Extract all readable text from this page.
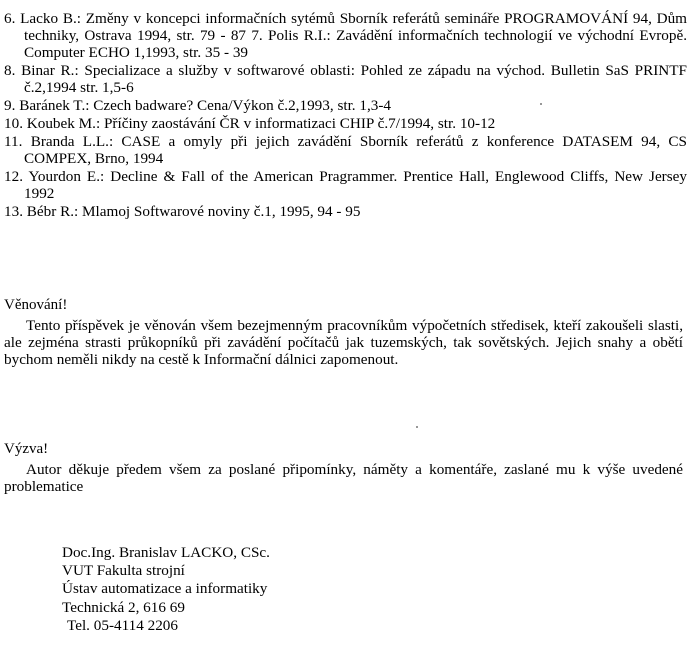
6. Lacko B.: Změny v koncepci informačních sytémů Sborník referátů semináře PROGRAMOVÁNÍ 94, Dům techniky, Ostrava 1994, str. 79 - 87 7. Polis R.I.: Zavádění informačních technologií ve východní Evropě. Computer ECHO 1,1993, str. 35 - 39
8. Binar R.: Specializace a služby v softwarové oblasti: Pohled ze západu na východ. Bulletin SaS PRINTF č.2,1994 str. 1,5-6
9. Baránek T.: Czech badware? Cena/Výkon č.2,1993, str. 1,3-4
10. Koubek M.: Příčiny zaostávání ČR v informatizaci CHIP č.7/1994, str. 10-12
11. Branda L.L.: CASE a omyly při jejich zavádění Sborník referátů z konference DATASEM 94, CS COMPEX, Brno, 1994
12. Yourdon E.: Decline & Fall of the American Pragrammer. Prentice Hall, Englewood Cliffs, New Jersey 1992
13. Bébr R.: Mlamoj Softwarové noviny č.1, 1995, 94 - 95
Věnování!

Tento příspěvek je věnován všem bezejmenným pracovníkům výpočetních středisek, kteří zakoušeli slasti, ale zejména strasti průkopníků při zavádění počítačů jak tuzemských, tak sovětských. Jejich snahy a obětí bychom neměli nikdy na cestě k Informační dálnici zapomenout.

Výzva!

Autor děkuje předem všem za poslané připomínky, náměty a komentáře, zaslané mu k výše uvedené problematice

Doc.Ing. Branislav LACKO, CSc.
VUT Fakulta strojní
Ústav automatizace a informatiky
Technická 2, 616 69
Tel. 05-4114 2206
